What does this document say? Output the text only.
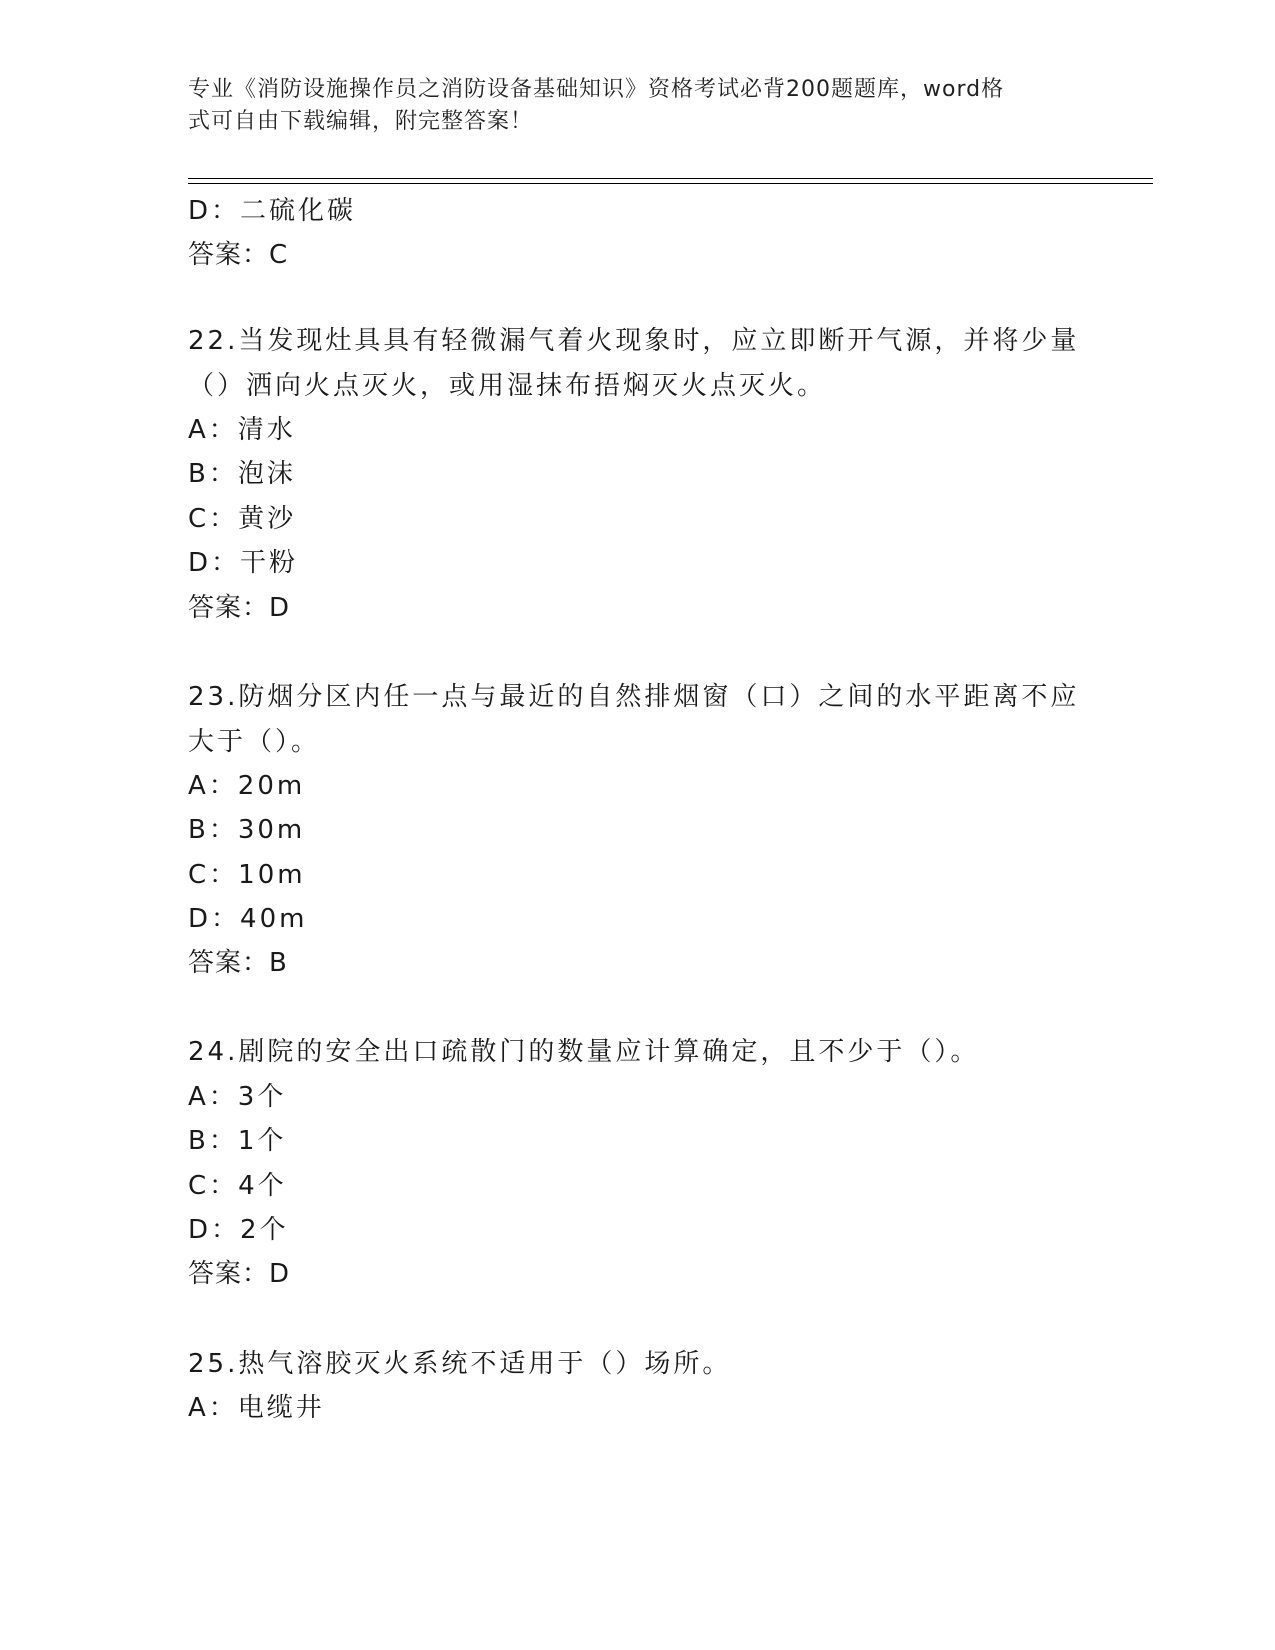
专业《消防设施操作员之消防设备基础知识》资格考试必背200题题库，word格
式可自由下载编辑，附完整答案！
D：二硫化碳
答案：C
22.当发现灶具具有轻微漏气着火现象时，应立即断开气源，并将少量
（）洒向火点灭火，或用湿抹布捂焖灭火点灭火。
A：清水
B：泡沫
C：黄沙
D：干粉
答案：D
23.防烟分区内任一点与最近的自然排烟窗（口）之间的水平距离不应
大于（）。
A：20m
B：30m
C：10m
D：40m
答案：B
24.剧院的安全出口疏散门的数量应计算确定，且不少于（）。
A：3个
B：1个
C：4个
D：2个
答案：D
25.热气溶胶灭火系统不适用于（）场所。
A：电缆井
